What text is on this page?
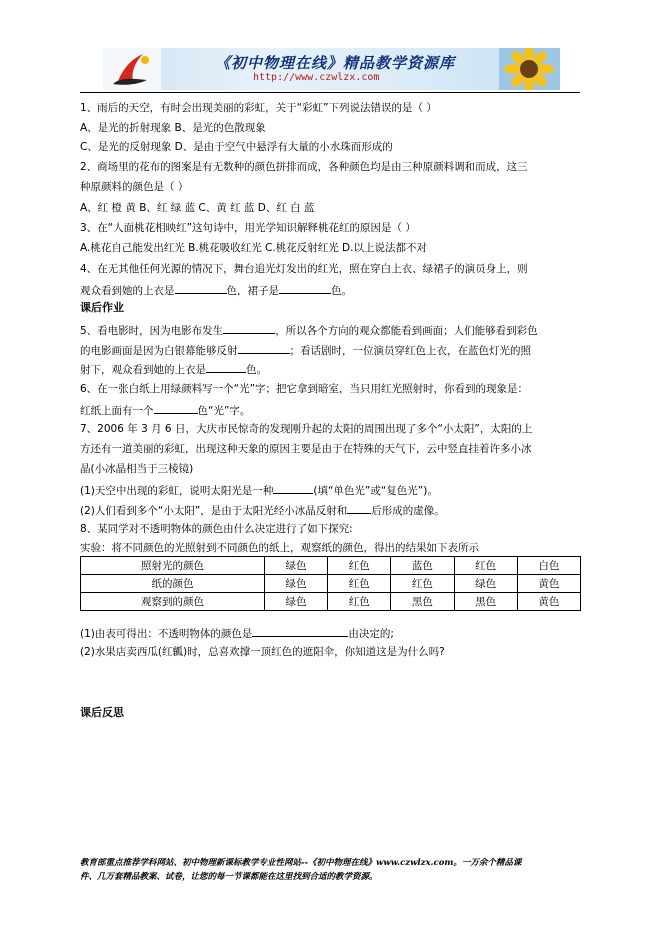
《初中物理在线》精品教学资源库
http://www.czwlzx.com
1、雨后的天空，有时会出现美丽的彩虹，关于“彩虹”下列说法错误的是（ ）
A、是光的折射现象 B、是光的色散现象
C、是光的反射现象 D、是由于空气中悬浮有大量的小水珠而形成的
2、商场里的花布的图案是有无数种的颜色拼排而成，各种颜色均是由三种原颜料调和而成，这三
种原颜料的颜色是（ ）
A、红 橙 黄 B、红 绿 蓝 C、黄 红 蓝 D、红 白 蓝
3、在“人面桃花相映红”这句诗中，用光学知识解释桃花红的原因是（ ）
A.桃花自己能发出红光 B.桃花吸收红光 C.桃花反射红光 D.以上说法都不对
4、在无其他任何光源的情况下，舞台追光灯发出的红光，照在穿白上衣、绿裙子的演员身上，则
观众看到她的上衣是	色，裙子是	色。
课后作业
5、看电影时，因为电影布发生	，所以各个方向的观众都能看到画面；人们能够看到彩色
的电影画面是因为白银幕能够反射	；看话剧时，一位演员穿红色上衣，在蓝色灯光的照
射下，观众看到她的上衣是	色。
6、在一张白纸上用绿颜料写一个“光”字；把它拿到暗室，当只用红光照射时，你看到的现象是：
红纸上面有一个	色“光”字。
7、2006 年 3 月 6 日，大庆市民惊奇的发现刚升起的太阳的周围出现了多个“小太阳”，太阳的上
方还有一道美丽的彩虹，出现这种天象的原因主要是由于在特殊的天气下，云中竖直挂着许多小冰
晶(小冰晶相当于三棱镜)
(1)天空中出现的彩虹，说明太阳光是一种	(填“单色光”或“复色光”)。
(2)人们看到多个“小太阳”，是由于太阳光经小冰晶反射和 后形成的虚像。
8、某同学对不透明物体的颜色由什么决定进行了如下探究:
实验：将不同颜色的光照射到不同颜色的纸上，观察纸的颜色，得出的结果如下表所示
(1)由表可得出：不透明物体的颜色是	由决定的;
(2)水果店卖西瓜(红瓤)时，总喜欢撑一顶红色的遮阳伞，你知道这是为什么吗?
课后反思
照射光的颜色	绿色	红色	蓝色	红色	白色
纸的颜色	绿色	红色	红色	绿色	黄色
观察到的颜色	绿色	红色	黑色	黑色	黄色
教育部重点推荐学科网站、初中物理新课标教学专业性网站--《初中物理在线》www.czwlzx.com。一万余个精品课
件、几万套精品教案、试卷，让您的每一节课都能在这里找到合适的教学资源。
